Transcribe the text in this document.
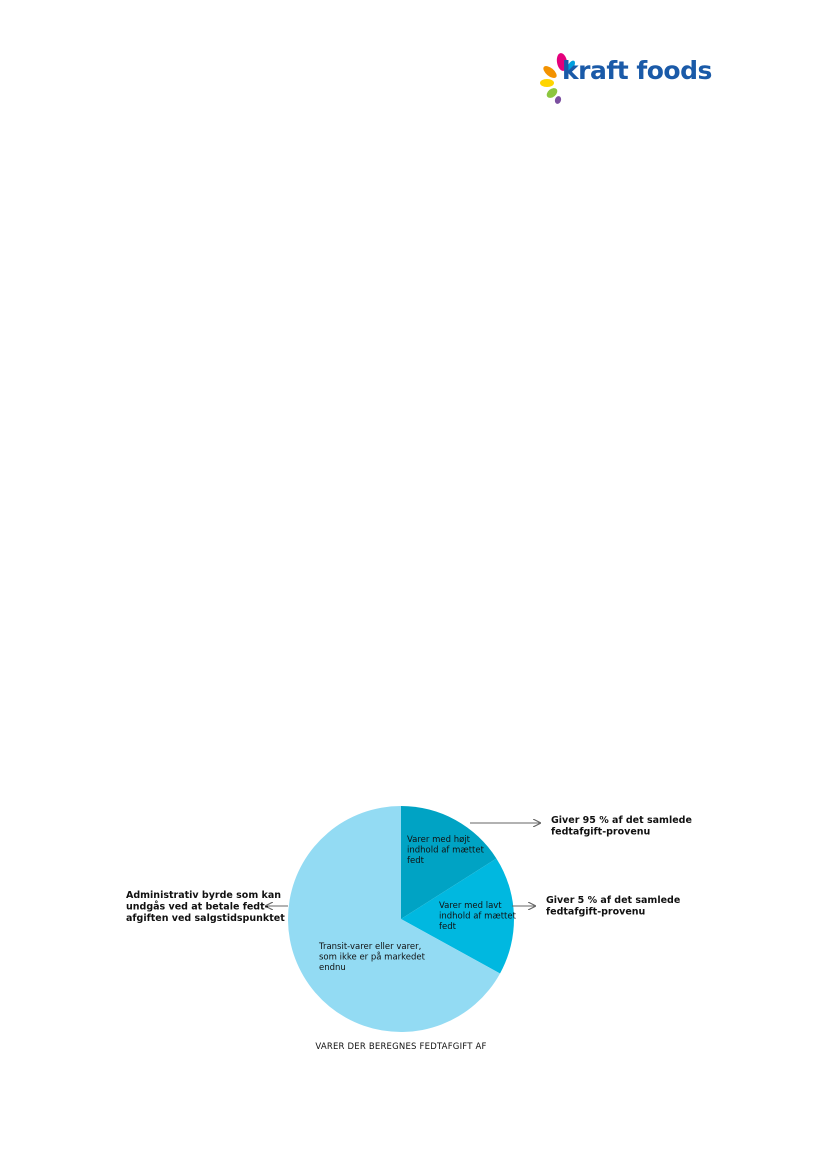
kraft foods
Varer med højt indhold af mættet fedt
Varer med lavt indhold af mættet fedt
Transit-varer eller varer, som ikke er på markedet endnu
Giver 95 % af det samlede fedtafgift-provenu
Giver 5 % af det samlede fedtafgift-provenu
Administrativ byrde som kan undgås ved at betale fedt-afgiften ved salgstidspunktet
VARER DER BEREGNES FEDTAFGIFT AF
